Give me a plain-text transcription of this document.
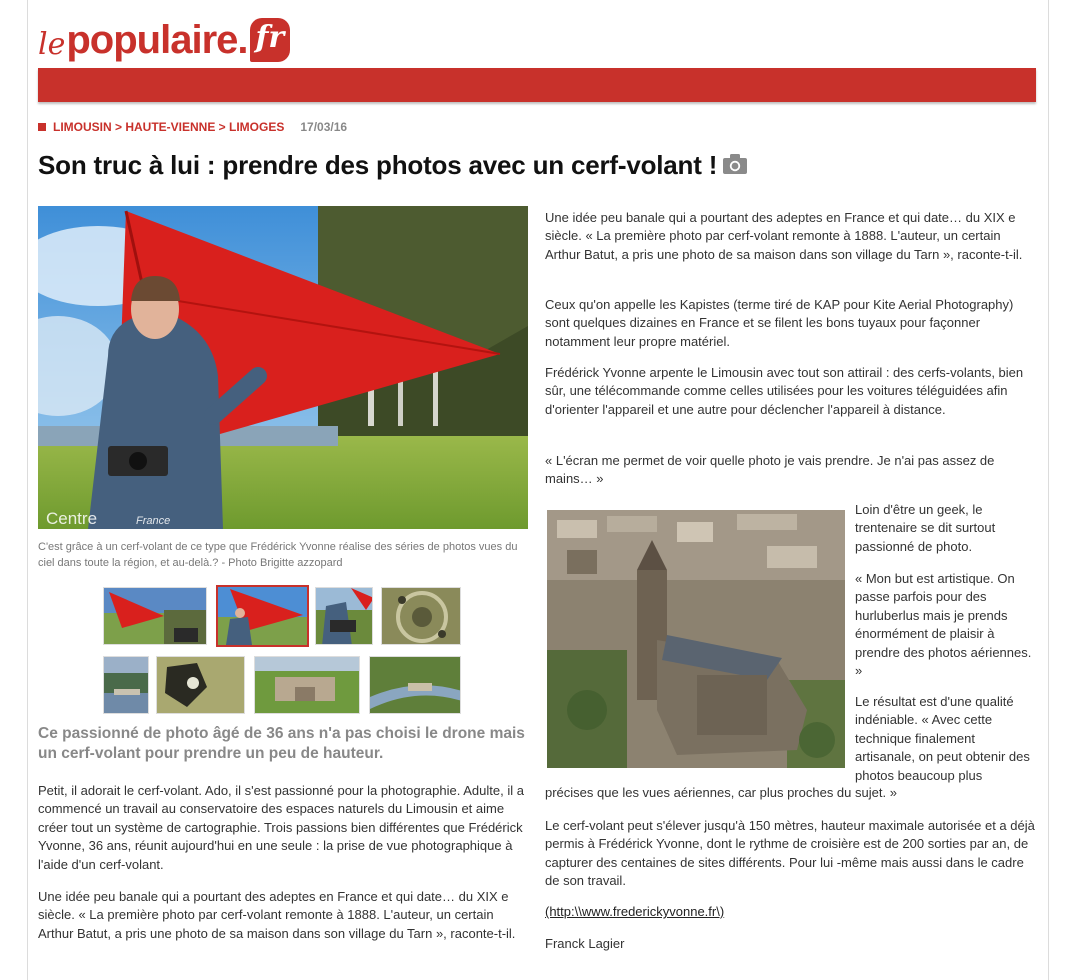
le populaire . fr
LIMOUSIN > HAUTE-VIENNE > LIMOGES 17/03/16
Son truc à lui : prendre des photos avec un cerf-volant !
Centre	France
C'est grâce à un cerf-volant de ce type que Frédérick Yvonne réalise des séries de photos vues du ciel dans toute la région, et au-delà.? - Photo Brigitte azzopard

Ce passionné de photo âgé de 36 ans n'a pas choisi le drone mais un cerf-volant pour prendre un peu de hauteur.

Petit, il adorait le cerf-volant. Ado, il s'est passionné pour la photographie. Adulte, il a commencé un travail au conservatoire des espaces naturels du Limousin et aime créer tout un système de cartographie. Trois passions bien différentes que Frédérick Yvonne, 36 ans, réunit aujourd'hui en une seule : la prise de vue photographique à l'aide d'un cerf-volant.

Une idée peu banale qui a pourtant des adeptes en France et qui date… du XIX e siècle. « La première photo par cerf-volant remonte à 1888. L'auteur, un certain Arthur Batut, a pris une photo de sa maison dans son village du Tarn », raconte-t-il.

Une idée peu banale qui a pourtant des adeptes en France et qui date… du XIX e siècle. « La première photo par cerf-volant remonte à 1888. L'auteur, un certain Arthur Batut, a pris une photo de sa maison dans son village du Tarn », raconte-t-il.

Ceux qu'on appelle les Kapistes (terme tiré de KAP pour Kite Aerial Photography) sont quelques dizaines en France et se filent les bons tuyaux pour façonner notamment leur propre matériel.

Frédérick Yvonne arpente le Limousin avec tout son attirail : des cerfs-volants, bien sûr, une télécommande comme celles utilisées pour les voitures téléguidées afin d'orienter l'appareil et une autre pour déclencher l'appareil à distance.

« L'écran me permet de voir quelle photo je vais prendre. Je n'ai pas assez de mains… »

Loin d'être un geek, le trentenaire se dit surtout passionné de photo.

« Mon but est artistique. On passe parfois pour des hurluberlus mais je prends énormément de plaisir à prendre des photos aériennes. »

Le résultat est d'une qualité indéniable. « Avec cette technique finalement artisanale, on peut obtenir des photos beaucoup plus

précises que les vues aériennes, car plus proches du sujet. »

Le cerf-volant peut s'élever jusqu'à 150 mètres, hauteur maximale autorisée et a déjà permis à Frédérick Yvonne, dont le rythme de croisière est de 200 sorties par an, de capturer des centaines de sites différents. Pour lui -même mais aussi dans le cadre de son travail.

(http:\\www.frederickyvonne.fr\)

Franck Lagier
